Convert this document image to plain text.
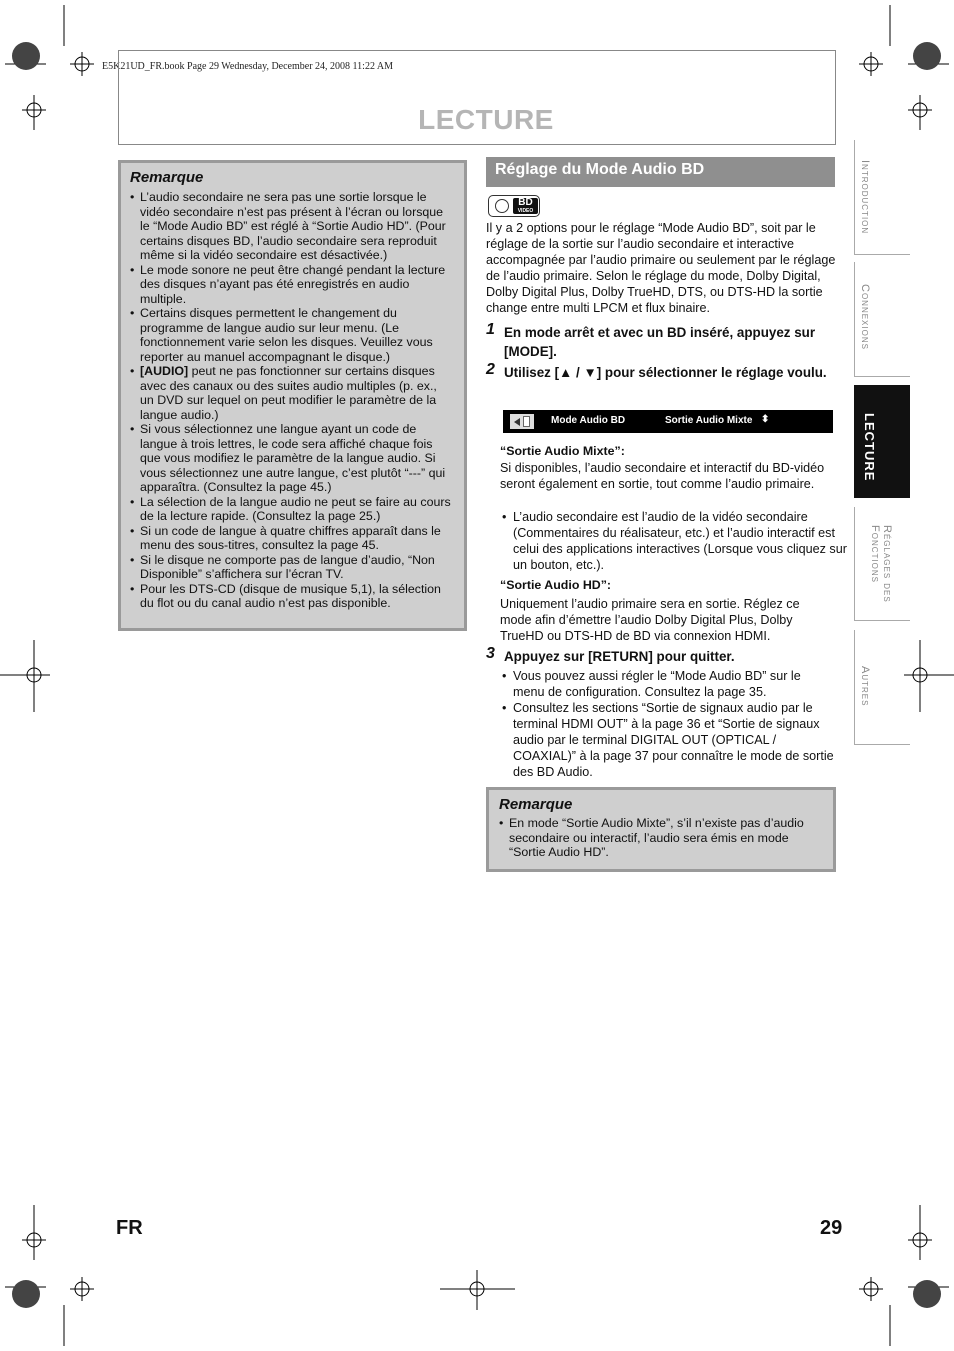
E5K21UD_FR.book Page 29 Wednesday, December 24, 2008 11:22 AM
LECTURE
Remarque
• L’audio secondaire ne sera pas une sortie lorsque le vidéo secondaire n’est pas présent à l’écran ou lorsque le “Mode Audio BD” est réglé à “Sortie Audio HD”. (Pour certains disques BD, l’audio secondaire sera reproduit même si la vidéo secondaire est désactivée.)
• Le mode sonore ne peut être changé pendant la lecture des disques n’ayant pas été enregistrés en audio multiple.
• Certains disques permettent le changement du programme de langue audio sur leur menu. (Le fonctionnement varie selon les disques. Veuillez vous reporter au manuel accompagnant le disque.)
• [AUDIO] peut ne pas fonctionner sur certains disques avec des canaux ou des suites audio multiples (p. ex., un DVD sur lequel on peut modifier le paramètre de la langue audio.)
• Si vous sélectionnez une langue ayant un code de langue à trois lettres, le code sera affiché chaque fois que vous modifiez le paramètre de la langue audio. Si vous sélectionnez une autre langue, c’est plutôt “---” qui apparaîtra. (Consultez la page 45.)
• La sélection de la langue audio ne peut se faire au cours de la lecture rapide. (Consultez la page 25.)
• Si un code de langue à quatre chiffres apparaît dans le menu des sous-titres, consultez la page 45.
• Si le disque ne comporte pas de langue d’audio, “Non Disponible” s’affichera sur l’écran TV.
• Pour les DTS-CD (disque de musique 5,1), la sélection du flot ou du canal audio n’est pas disponible.
Réglage du Mode Audio BD
BD
VIDEO
Il y a 2 options pour le réglage “Mode Audio BD”, soit par le réglage de la sortie sur l’audio secondaire et interactive accompagnée par l’audio primaire ou seulement par le réglage de l’audio primaire. Selon le réglage du mode, Dolby Digital, Dolby Digital Plus, Dolby TrueHD, DTS, ou DTS-HD la sortie change entre multi LPCM et flux binaire.
1 En mode arrêt et avec un BD inséré, appuyez sur [MODE].
2 Utilisez [▲ / ▼] pour sélectionner le réglage voulu.
Mode Audio BD	Sortie Audio Mixte ⬍
“Sortie Audio Mixte”:
Si disponibles, l’audio secondaire et interactif du BD-vidéo seront également en sortie, tout comme l’audio primaire.
• L’audio secondaire est l’audio de la vidéo secondaire (Commentaires du réalisateur, etc.) et l’audio interactif est celui des applications interactives (Lorsque vous cliquez sur un bouton, etc.).
“Sortie Audio HD”:
Uniquement l’audio primaire sera en sortie. Réglez ce mode afin d’émettre l’audio Dolby Digital Plus, Dolby TrueHD ou DTS-HD de BD via connexion HDMI.
3 Appuyez sur [RETURN] pour quitter.
• Vous pouvez aussi régler le “Mode Audio BD” sur le menu de configuration. Consultez la page 35.
• Consultez les sections “Sortie de signaux audio par le terminal HDMI OUT” à la page 36 et “Sortie de signaux audio par le terminal DIGITAL OUT (OPTICAL / COAXIAL)” à la page 37 pour connaître le mode de sortie des BD Audio.
Remarque
• En mode “Sortie Audio Mixte”, s’il n’existe pas d’audio secondaire ou interactif, l’audio sera émis en mode “Sortie Audio HD”.
Introduction
Connexions
LECTURE
Réglages des Fonctions
Autres
FR	29
